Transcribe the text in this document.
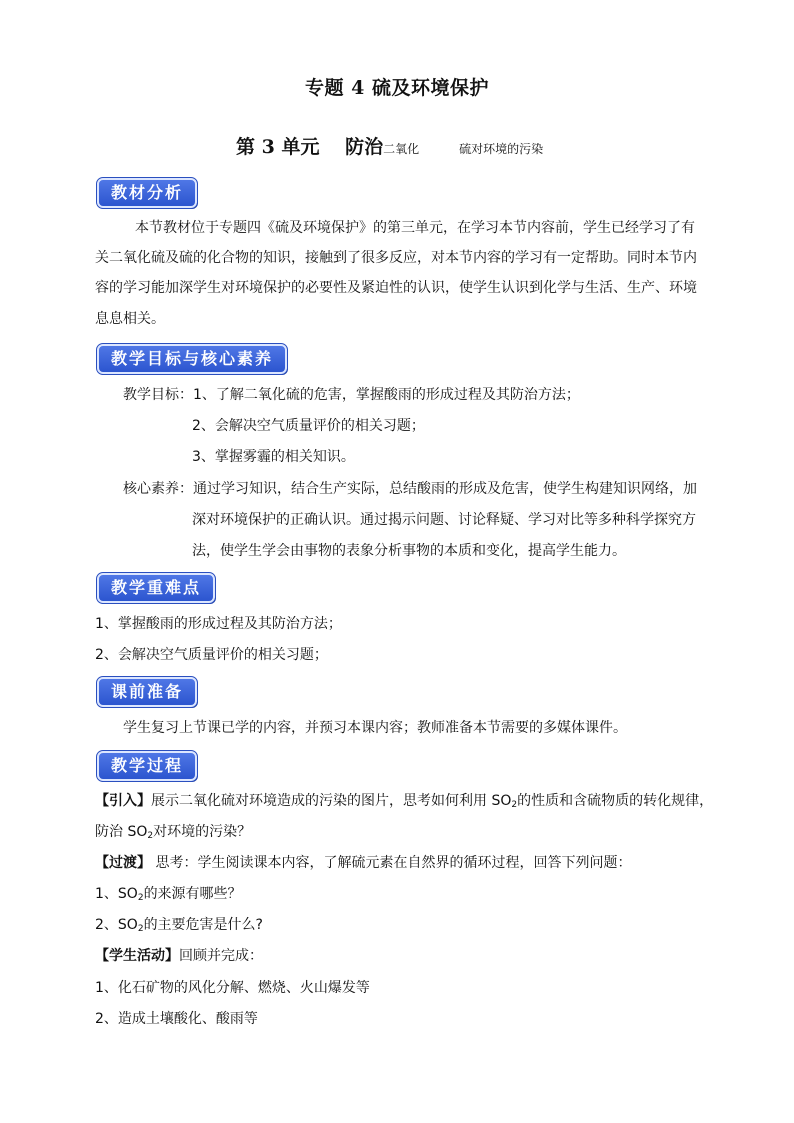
专题 4 硫及环境保护
第 3 单元　 防治二氧化	硫对环境的污染
教材分析
本节教材位于专题四《硫及环境保护》的第三单元，在学习本节内容前，学生已经学习了有
关二氧化硫及硫的化合物的知识，接触到了很多反应，对本节内容的学习有一定帮助。同时本节内
容的学习能加深学生对环境保护的必要性及紧迫性的认识，使学生认识到化学与生活、生产、环境
息息相关。
教学目标与核心素养
教学目标：1、了解二氧化硫的危害，掌握酸雨的形成过程及其防治方法；
2、会解决空气质量评价的相关习题；
3、掌握雾霾的相关知识。
核心素养：通过学习知识，结合生产实际，总结酸雨的形成及危害，使学生构建知识网络，加
深对环境保护的正确认识。通过揭示问题、讨论释疑、学习对比等多种科学探究方
法，使学生学会由事物的表象分析事物的本质和变化，提高学生能力。
教学重难点
1、掌握酸雨的形成过程及其防治方法；
2、会解决空气质量评价的相关习题；
课前准备
学生复习上节课已学的内容，并预习本课内容；教师准备本节需要的多媒体课件。
教学过程
【引入】展示二氧化硫对环境造成的污染的图片，思考如何利用 $SO_2$的性质和含硫物质的转化规律，
防治 $SO_2$对环境的污染？
【过渡】 思考：学生阅读课本内容，了解硫元素在自然界的循环过程，回答下列问题：
1、$SO_2$的来源有哪些？
2、$SO_2$的主要危害是什么?
【学生活动】回顾并完成：
1、化石矿物的风化分解、燃烧、火山爆发等
2、造成土壤酸化、酸雨等
